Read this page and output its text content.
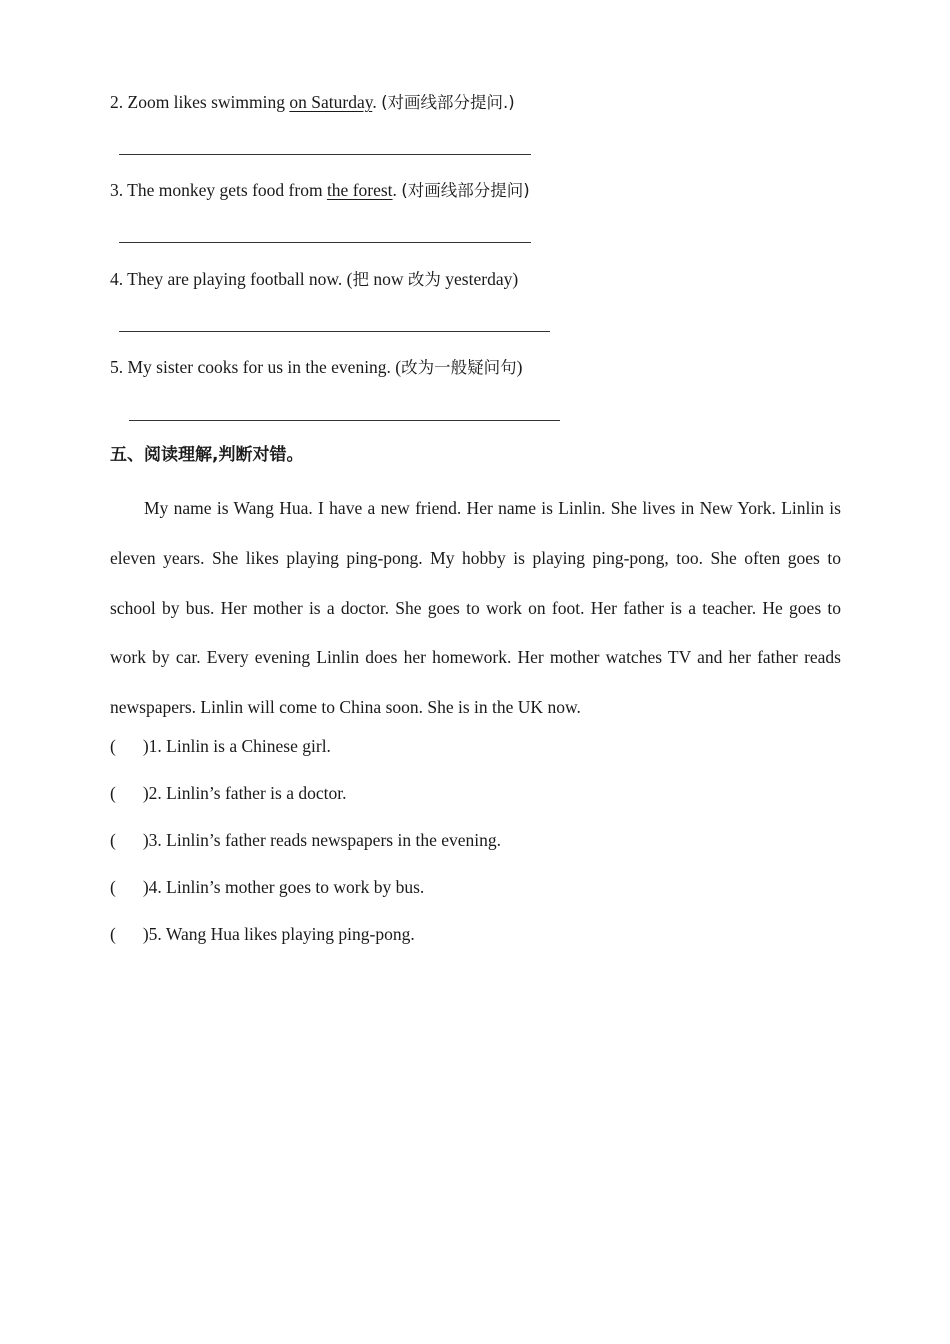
2. Zoom likes swimming on Saturday. (对画线部分提问.)
3. The monkey gets food from the forest. (对画线部分提问)
4. They are playing football now. (把 now 改为 yesterday)
5. My sister cooks for us in the evening. (改为一般疑问句)
五、阅读理解,判断对错。

My name is Wang Hua. I have a new friend. Her name is Linlin. She lives in New York. Linlin is eleven years. She likes playing ping-pong. My hobby is playing ping-pong, too. She often goes to school by bus. Her mother is a doctor. She goes to work on foot. Her father is a teacher. He goes to work by car. Every evening Linlin does her homework. Her mother watches TV and her father reads newspapers. Linlin will come to China soon. She is in the UK now.

( )1. Linlin is a Chinese girl.
( )2. Linlin’s father is a doctor.
( )3. Linlin’s father reads newspapers in the evening.
( )4. Linlin’s mother goes to work by bus.
( )5. Wang Hua likes playing ping-pong.
